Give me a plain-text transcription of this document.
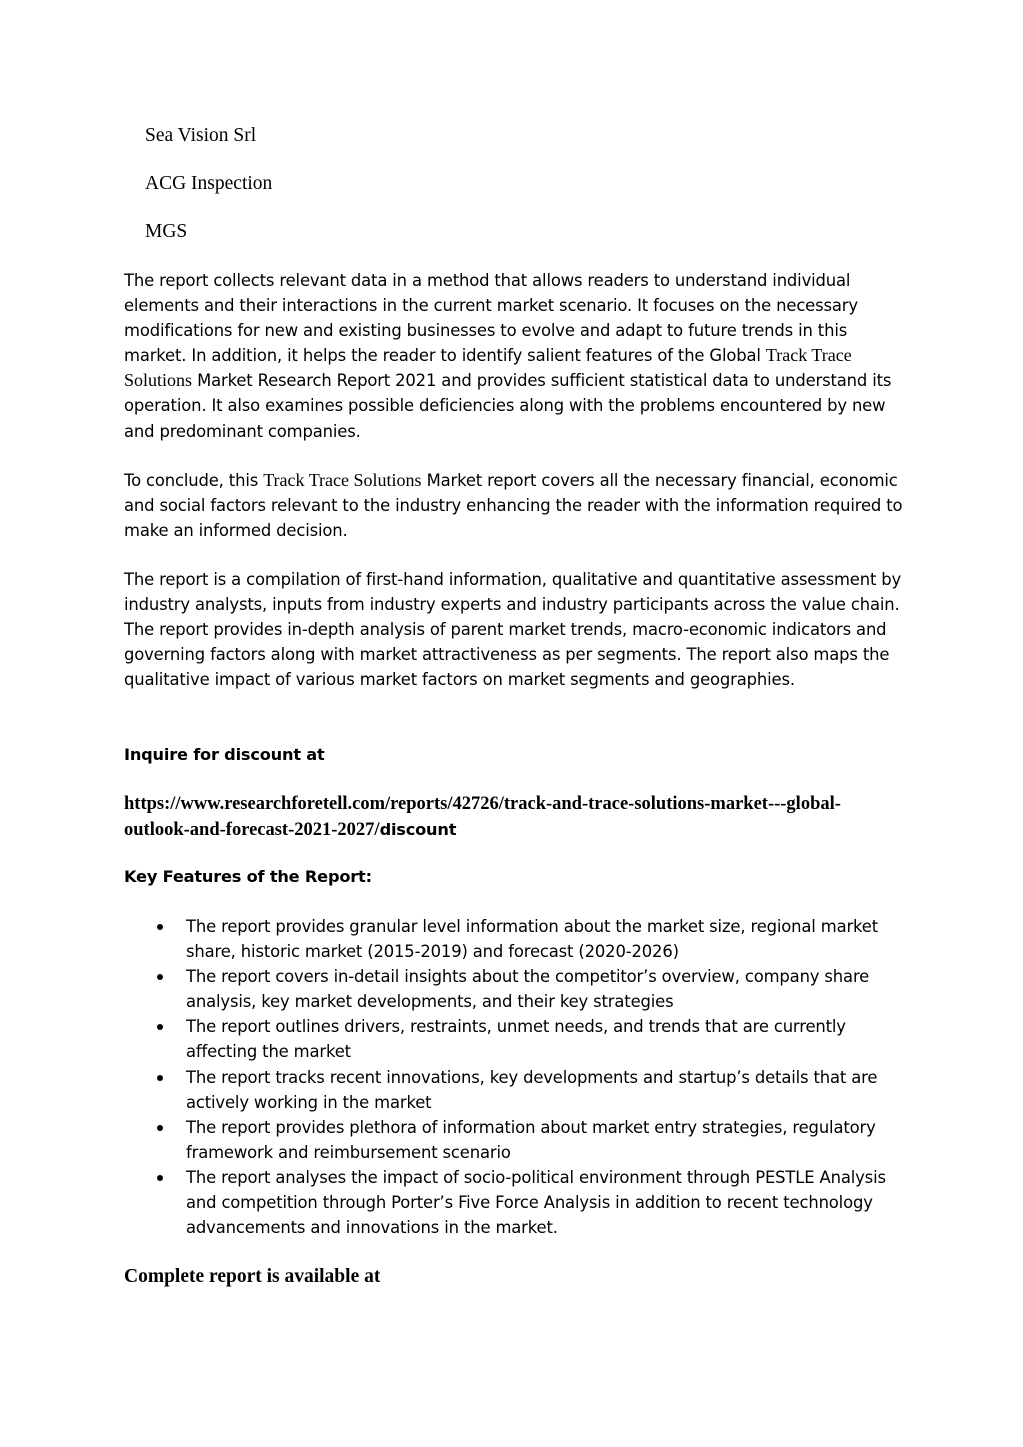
Sea Vision Srl
ACG Inspection
MGS
The report collects relevant data in a method that allows readers to understand individual elements and their interactions in the current market scenario. It focuses on the necessary modifications for new and existing businesses to evolve and adapt to future trends in this market. In addition, it helps the reader to identify salient features of the Global Track Trace Solutions Market Research Report 2021 and provides sufficient statistical data to understand its operation. It also examines possible deficiencies along with the problems encountered by new and predominant companies.
To conclude, this Track Trace Solutions Market report covers all the necessary financial, economic and social factors relevant to the industry enhancing the reader with the information required to make an informed decision.
The report is a compilation of first-hand information, qualitative and quantitative assessment by industry analysts, inputs from industry experts and industry participants across the value chain. The report provides in-depth analysis of parent market trends, macro-economic indicators and governing factors along with market attractiveness as per segments. The report also maps the qualitative impact of various market factors on market segments and geographies.
Inquire for discount at
https://www.researchforetell.com/reports/42726/track-and-trace-solutions-market---global-outlook-and-forecast-2021-2027/discount
Key Features of the Report:
The report provides granular level information about the market size, regional market share, historic market (2015-2019) and forecast (2020-2026)
The report covers in-detail insights about the competitor’s overview, company share analysis, key market developments, and their key strategies
The report outlines drivers, restraints, unmet needs, and trends that are currently affecting the market
The report tracks recent innovations, key developments and startup’s details that are actively working in the market
The report provides plethora of information about market entry strategies, regulatory framework and reimbursement scenario
The report analyses the impact of socio-political environment through PESTLE Analysis and competition through Porter’s Five Force Analysis in addition to recent technology advancements and innovations in the market.
Complete report is available at
